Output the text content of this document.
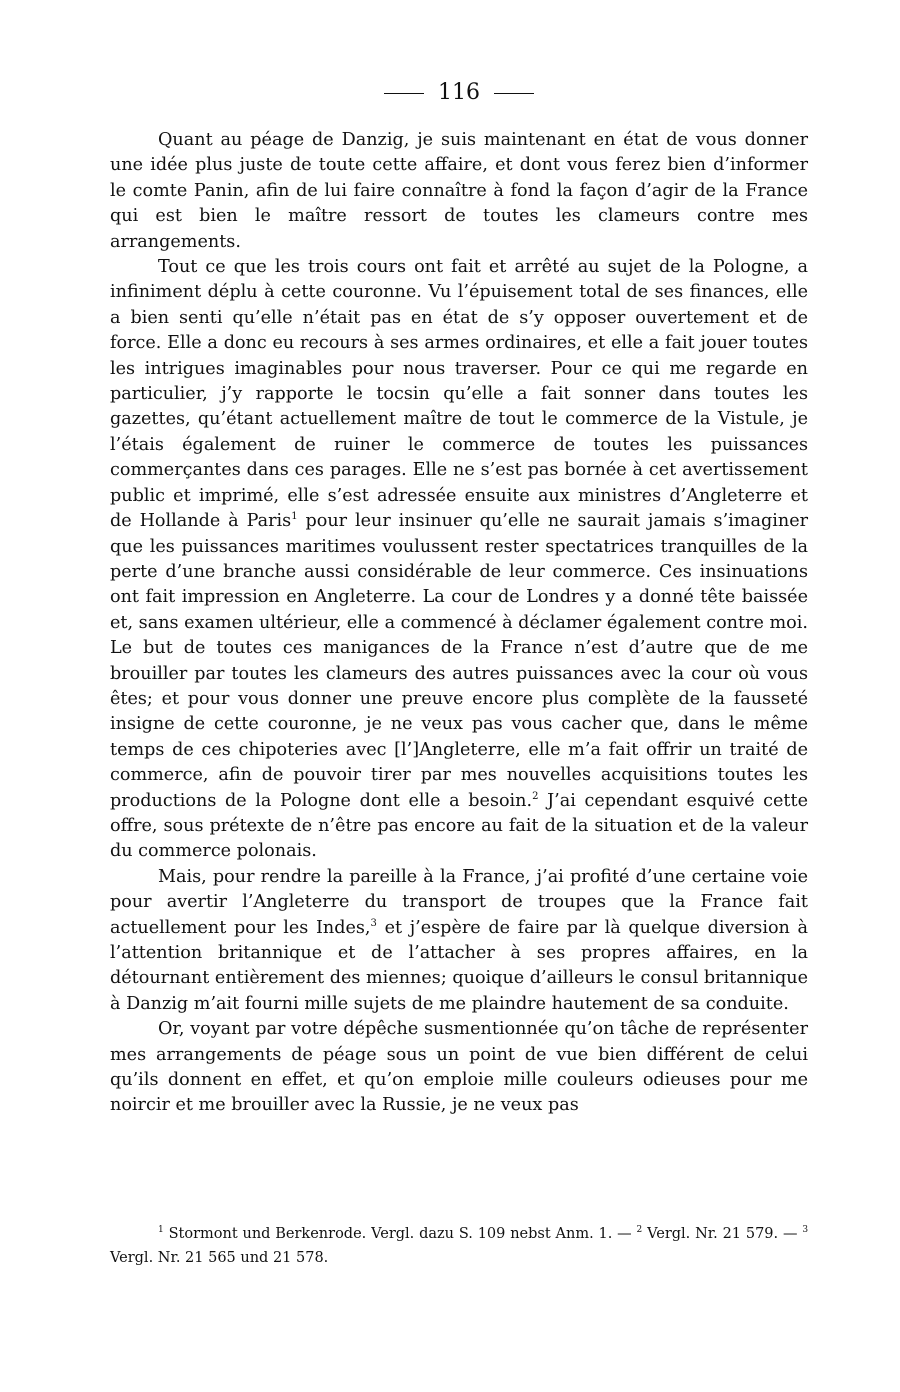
116

Quant au péage de Danzig, je suis maintenant en état de vous donner une idée plus juste de toute cette affaire, et dont vous ferez bien d’informer le comte Panin, afin de lui faire connaître à fond la façon d’agir de la France qui est bien le maître ressort de toutes les clameurs contre mes arrangements.

Tout ce que les trois cours ont fait et arrêté au sujet de la Pologne, a infiniment déplu à cette couronne. Vu l’épuisement total de ses finances, elle a bien senti qu’elle n’était pas en état de s’y opposer ouvertement et de force. Elle a donc eu recours à ses armes ordinaires, et elle a fait jouer toutes les intrigues imaginables pour nous traverser. Pour ce qui me regarde en particulier, j’y rapporte le tocsin qu’elle a fait sonner dans toutes les gazettes, qu’étant actuellement maître de tout le commerce de la Vistule, je l’étais également de ruiner le commerce de toutes les puissances commerçantes dans ces parages. Elle ne s’est pas bornée à cet avertissement public et imprimé, elle s’est adressée ensuite aux ministres d’Angleterre et de Hollande à Paris$^1$ pour leur insinuer qu’elle ne saurait jamais s’imaginer que les puissances maritimes voulussent rester spectatrices tranquilles de la perte d’une branche aussi considérable de leur commerce. Ces insinuations ont fait impression en Angleterre. La cour de Londres y a donné tête baissée et, sans examen ultérieur, elle a commencé à déclamer également contre moi. Le but de toutes ces manigances de la France n’est d’autre que de me brouiller par toutes les clameurs des autres puissances avec la cour où vous êtes; et pour vous donner une preuve encore plus complète de la fausseté insigne de cette couronne, je ne veux pas vous cacher que, dans le même temps de ces chipoteries avec [l’]Angleterre, elle m’a fait offrir un traité de commerce, afin de pouvoir tirer par mes nouvelles acquisitions toutes les productions de la Pologne dont elle a besoin.$^2$ J’ai cependant esquivé cette offre, sous prétexte de n’être pas encore au fait de la situation et de la valeur du commerce polonais.

Mais, pour rendre la pareille à la France, j’ai profité d’une certaine voie pour avertir l’Angleterre du transport de troupes que la France fait actuellement pour les Indes,$^3$ et j’espère de faire par là quelque diversion à l’attention britannique et de l’attacher à ses propres affaires, en la détournant entièrement des miennes; quoique d’ailleurs le consul britannique à Danzig m’ait fourni mille sujets de me plaindre hautement de sa conduite.

Or, voyant par votre dépêche susmentionnée qu’on tâche de représenter mes arrangements de péage sous un point de vue bien différent de celui qu’ils donnent en effet, et qu’on emploie mille couleurs odieuses pour me noircir et me brouiller avec la Russie, je ne veux pas

$^1$ Stormont und Berkenrode. Vergl. dazu S. 109 nebst Anm. 1. — $^2$ Vergl. Nr. 21 579. — $^3$ Vergl. Nr. 21 565 und 21 578.
